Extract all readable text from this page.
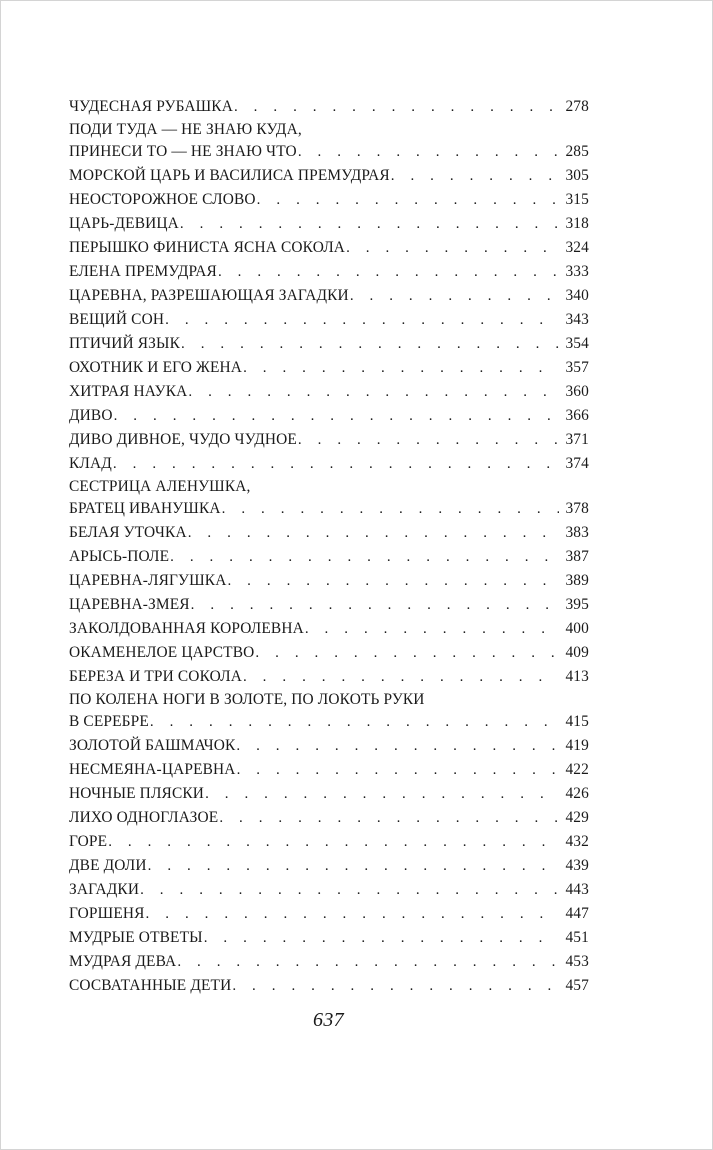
ЧУДЕСНАЯ РУБАШКА . . .	278
ПОДИ ТУДА — НЕ ЗНАЮ КУДА,
ПРИНЕСИ ТО — НЕ ЗНАЮ ЧТО . . .	285
МОРСКОЙ ЦАРЬ И ВАСИЛИСА ПРЕМУДРАЯ . . .	305
НЕОСТОРОЖНОЕ СЛОВО . . .	315
ЦАРЬ-ДЕВИЦА . . .	318
ПЕРЫШКО ФИНИСТА ЯСНА СОКОЛА . . .	324
ЕЛЕНА ПРЕМУДРАЯ . . .	333
ЦАРЕВНА, РАЗРЕШАЮЩАЯ ЗАГАДКИ . . .	340
ВЕЩИЙ СОН . . .	343
ПТИЧИЙ ЯЗЫК . . .	354
ОХОТНИК И ЕГО ЖЕНА . . .	357
ХИТРАЯ НАУКА . . .	360
ДИВО . . .	366
ДИВО ДИВНОЕ, ЧУДО ЧУДНОЕ . . .	371
КЛАД . . .	374
СЕСТРИЦА АЛЕНУШКА,
БРАТЕЦ ИВАНУШКА . . .	378
БЕЛАЯ УТОЧКА . . .	383
АРЫСЬ-ПОЛЕ . . .	387
ЦАРЕВНА-ЛЯГУШКА . . .	389
ЦАРЕВНА-ЗМЕЯ . . .	395
ЗАКОЛДОВАННАЯ КОРОЛЕВНА . . .	400
ОКАМЕНЕЛОЕ ЦАРСТВО . . .	409
БЕРЕЗА И ТРИ СОКОЛА . . .	413
ПО КОЛЕНА НОГИ В ЗОЛОТЕ, ПО ЛОКОТЬ РУКИ
В СЕРЕБРЕ . . .	415
ЗОЛОТОЙ БАШМАЧОК . . .	419
НЕСМЕЯНА-ЦАРЕВНА . . .	422
НОЧНЫЕ ПЛЯСКИ . . .	426
ЛИХО ОДНОГЛАЗОЕ . . .	429
ГОРЕ . . .	432
ДВЕ ДОЛИ . . .	439
ЗАГАДКИ . . .	443
ГОРШЕНЯ . . .	447
МУДРЫЕ ОТВЕТЫ . . .	451
МУДРАЯ ДЕВА . . .	453
СОСВАТАННЫЕ ДЕТИ . . .	457
637
